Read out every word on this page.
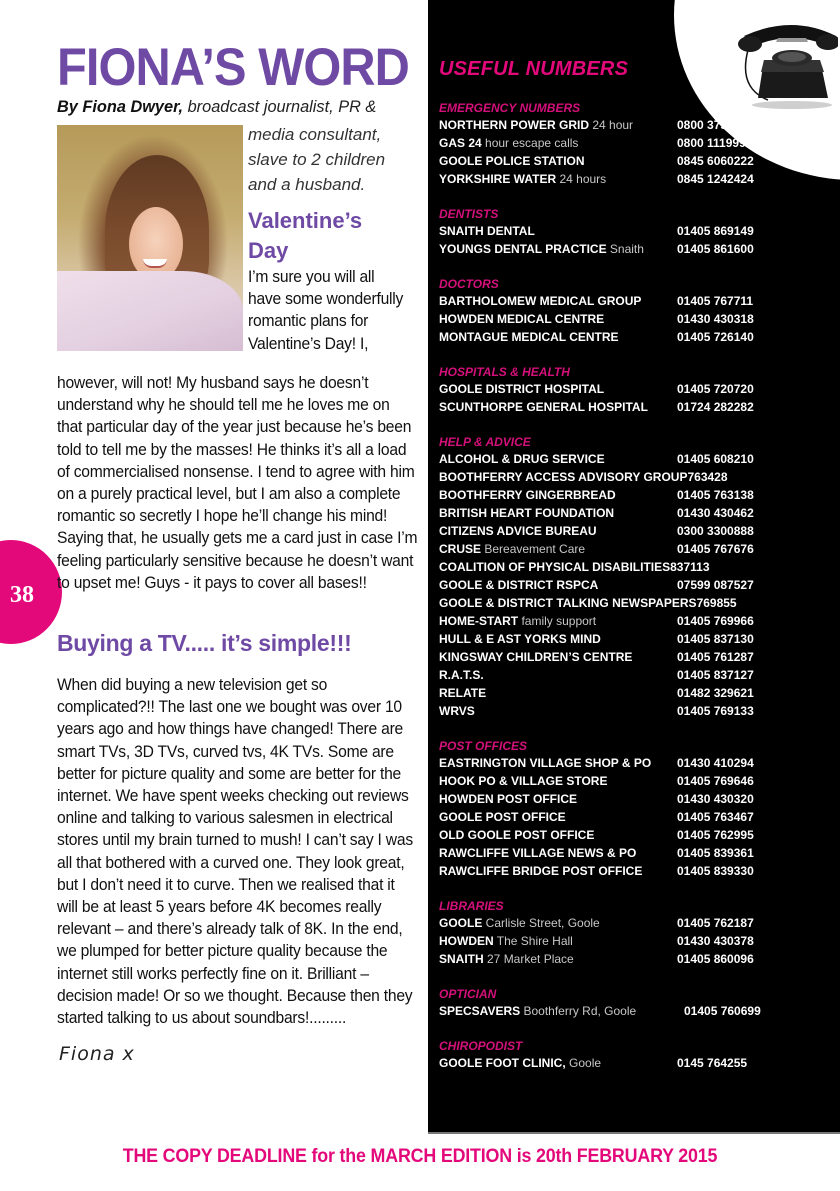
38
FIONA’S WORD
By Fiona Dwyer, broadcast journalist, PR &
media consultant,
slave to 2 children
and a husband.
Valentine’s
Day
I’m sure you will all
have some wonderfully
romantic plans for
Valentine’s Day! I,

however, will not! My husband says he doesn’t understand why he should tell me he loves me on that particular day of the year just because he’s been told to tell me by the masses! He thinks it’s all a load of commercialised nonsense. I tend to agree with him on a purely practical level, but I am also a complete romantic so secretly I hope he’ll change his mind! Saying that, he usually gets me a card just in case I’m feeling particularly sensitive because he doesn’t want to upset me! Guys - it pays to cover all bases!!

Buying a TV..... it’s simple!!!

When did buying a new television get so complicated?!! The last one we bought was over 10 years ago and how things have changed! There are smart TVs, 3D TVs, curved tvs, 4K TVs. Some are better for picture quality and some are better for the internet. We have spent weeks checking out reviews online and talking to various salesmen in electrical stores until my brain turned to mush! I can’t say I was all that bothered with a curved one. They look great, but I don’t need it to curve. Then we realised that it will be at least 5 years before 4K becomes really relevant – and there’s already talk of 8K. In the end, we plumped for better picture quality because the internet still works perfectly fine on it. Brilliant – decision made! Or so we thought. Because then they started talking to us about soundbars!.........

Fiona x
USEFUL NUMBERS
EMERGENCY NUMBERS
NORTHERN POWER GRID 24 hour	0800 375675
GAS 24 hour escape calls	0800 111999
GOOLE POLICE STATION	0845 6060222
YORKSHIRE WATER 24 hours	0845 1242424
DENTISTS
SNAITH DENTAL	01405 869149
YOUNGS DENTAL PRACTICE Snaith	01405 861600
DOCTORS
BARTHOLOMEW MEDICAL GROUP	01405 767711
HOWDEN MEDICAL CENTRE	01430 430318
MONTAGUE MEDICAL CENTRE	01405 726140
HOSPITALS & HEALTH
GOOLE DISTRICT HOSPITAL	01405 720720
SCUNTHORPE GENERAL HOSPITAL	01724 282282
HELP & ADVICE
ALCOHOL & DRUG SERVICE	01405 608210
BOOTHFERRY ACCESS ADVISORY GROUP 763428
BOOTHFERRY GINGERBREAD	01405 763138
BRITISH HEART FOUNDATION	01430 430462
CITIZENS ADVICE BUREAU	0300 3300888
CRUSE Bereavement Care	01405 767676
COALITION OF PHYSICAL DISABILITIES 837113
GOOLE & DISTRICT RSPCA	07599 087527
GOOLE & DISTRICT TALKING NEWSPAPERS 769855
HOME-START family support	01405 769966
HULL & E AST YORKS MIND	01405 837130
KINGSWAY CHILDREN’S CENTRE	01405 761287
R.A.T.S.	01405 837127
RELATE	01482 329621
WRVS	01405 769133
POST OFFICES
EASTRINGTON VILLAGE SHOP & PO	01430 410294
HOOK PO & VILLAGE STORE	01405 769646
HOWDEN POST OFFICE	01430 430320
GOOLE POST OFFICE	01405 763467
OLD GOOLE POST OFFICE	01405 762995
RAWCLIFFE VILLAGE NEWS & PO	01405 839361
RAWCLIFFE BRIDGE POST OFFICE	01405 839330
LIBRARIES
GOOLE Carlisle Street, Goole	01405 762187
HOWDEN The Shire Hall	01430 430378
SNAITH 27 Market Place	01405 860096
OPTICIAN
SPECSAVERS Boothferry Rd, Goole	01405 760699
CHIROPODIST
GOOLE FOOT CLINIC, Goole	0145 764255
THE COPY DEADLINE for the MARCH EDITION is 20th FEBRUARY 2015
